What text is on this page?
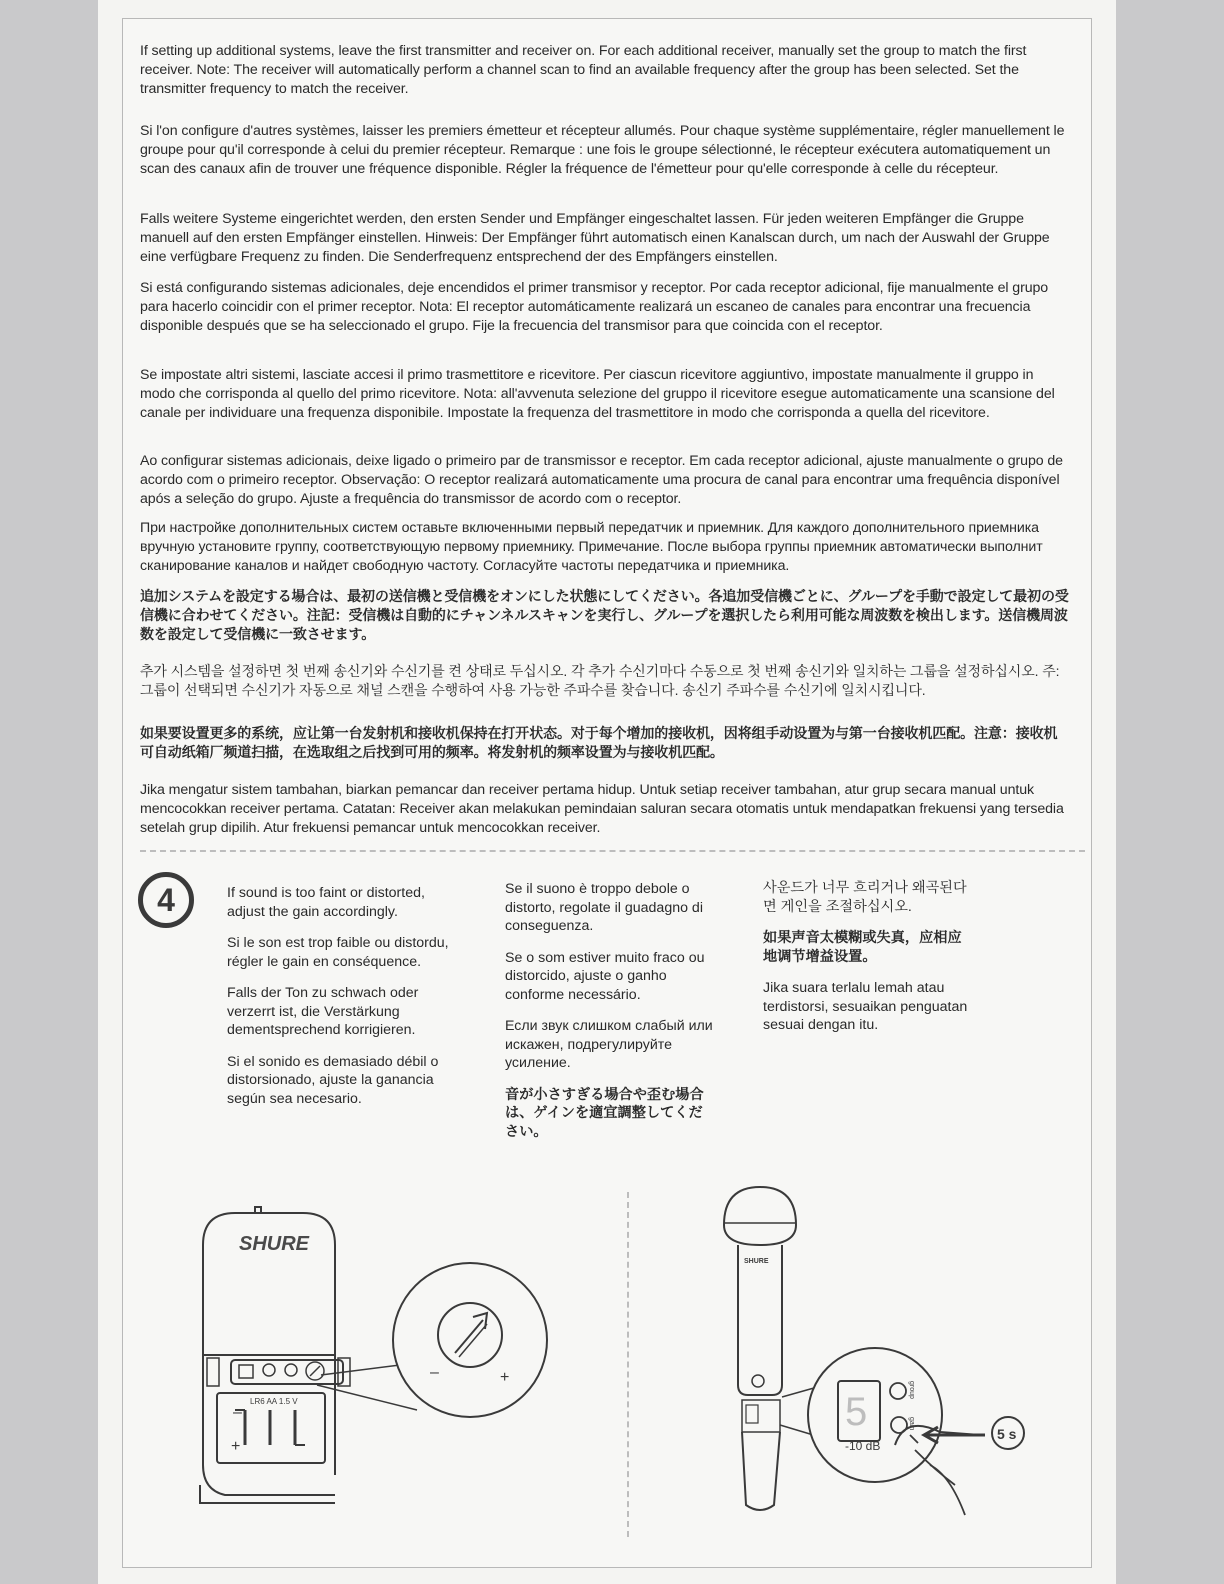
If setting up additional systems, leave the first transmitter and receiver on. For each additional receiver, manually set the group to match the first receiver. Note: The receiver will automatically perform a channel scan to find an available frequency after the group has been selected. Set the transmitter frequency to match the receiver.

Si l'on configure d'autres systèmes, laisser les premiers émetteur et récepteur allumés. Pour chaque système supplémentaire, régler manuellement le groupe pour qu'il corresponde à celui du premier récepteur. Remarque : une fois le groupe sélectionné, le récepteur exécutera automatiquement un scan des canaux afin de trouver une fréquence disponible. Régler la fréquence de l'émetteur pour qu'elle corresponde à celle du récepteur.

Falls weitere Systeme eingerichtet werden, den ersten Sender und Empfänger eingeschaltet lassen. Für jeden weiteren Empfänger die Gruppe manuell auf den ersten Empfänger einstellen. Hinweis: Der Empfänger führt automatisch einen Kanalscan durch, um nach der Auswahl der Gruppe eine verfügbare Frequenz zu finden. Die Senderfrequenz entsprechend der des Empfängers einstellen.

Si está configurando sistemas adicionales, deje encendidos el primer transmisor y receptor. Por cada receptor adicional, fije manualmente el grupo para hacerlo coincidir con el primer receptor. Nota: El receptor automáticamente realizará un escaneo de canales para encontrar una frecuencia disponible después que se ha seleccionado el grupo. Fije la frecuencia del transmisor para que coincida con el receptor.

Se impostate altri sistemi, lasciate accesi il primo trasmettitore e ricevitore. Per ciascun ricevitore aggiuntivo, impostate manualmente il gruppo in modo che corrisponda al quello del primo ricevitore. Nota: all'avvenuta selezione del gruppo il ricevitore esegue automaticamente una scansione del canale per individuare una frequenza disponibile. Impostate la frequenza del trasmettitore in modo che corrisponda a quella del ricevitore.

Ao configurar sistemas adicionais, deixe ligado o primeiro par de transmissor e receptor. Em cada receptor adicional, ajuste manualmente o grupo de acordo com o primeiro receptor. Observação: O receptor realizará automaticamente uma procura de canal para encontrar uma frequência disponível após a seleção do grupo. Ajuste a frequência do transmissor de acordo com o receptor.

При настройке дополнительных систем оставьте включенными первый передатчик и приемник. Для каждого дополнительного приемника вручную установите группу, соответствующую первому приемнику. Примечание. После выбора группы приемник автоматически выполнит сканирование каналов и найдет свободную частоту. Согласуйте частоты передатчика и приемника.

追加システムを設定する場合は、最初の送信機と受信機をオンにした状態にしてください。各追加受信機ごとに、グループを手動で設定して最初の受信機に合わせてください。注記：受信機は自動的にチャンネルスキャンを実行し、グループを選択したら利用可能な周波数を検出します。送信機周波数を設定して受信機に一致させます。

추가 시스템을 설정하면 첫 번째 송신기와 수신기를 켠 상태로 두십시오. 각 추가 수신기마다 수동으로 첫 번째 송신기와 일치하는 그룹을 설정하십시오. 주: 그룹이 선택되면 수신기가 자동으로 채널 스캔을 수행하여 사용 가능한 주파수를 찾습니다. 송신기 주파수를 수신기에 일치시킵니다.

如果要设置更多的系统，应让第一台发射机和接收机保持在打开状态。对于每个增加的接收机，因将组手动设置为与第一台接收机匹配。注意：接收机可自动纸箱厂频道扫描，在选取组之后找到可用的频率。将发射机的频率设置为与接收机匹配。

Jika mengatur sistem tambahan, biarkan pemancar dan receiver pertama hidup. Untuk setiap receiver tambahan, atur grup secara manual untuk mencocokkan receiver pertama. Catatan: Receiver akan melakukan pemindaian saluran secara otomatis untuk mendapatkan frekuensi yang tersedia setelah grup dipilih. Atur frekuensi pemancar untuk mencocokkan receiver.

4	If sound is too faint or distorted, adjust the gain accordingly.

Si le son est trop faible ou distordu, régler le gain en conséquence.

Falls der Ton zu schwach oder verzerrt ist, die Verstärkung dementsprechend korrigieren.

Si el sonido es demasiado débil o distorsionado, ajuste la ganancia según sea necesario.

Se il suono è troppo debole o distorto, regolate il guadagno di conseguenza.

Se o som estiver muito fraco ou distorcido, ajuste o ganho conforme necessário.

Если звук слишком слабый или искажен, подрегулируйте усиление.

音が小さすぎる場合や歪む場合は、ゲインを適宜調整してください。

사운드가 너무 흐리거나 왜곡된다면 게인을 조절하십시오.

如果声音太模糊或失真，应相应地调节增益设置。

Jika suara terlalu lemah atau terdistorsi, sesuaikan penguatan sesuai dengan itu.

SHURE
LR6 AA 1.5 V
–
+
–	+
SHURE
5
group
gain
-10 dB
5 s
